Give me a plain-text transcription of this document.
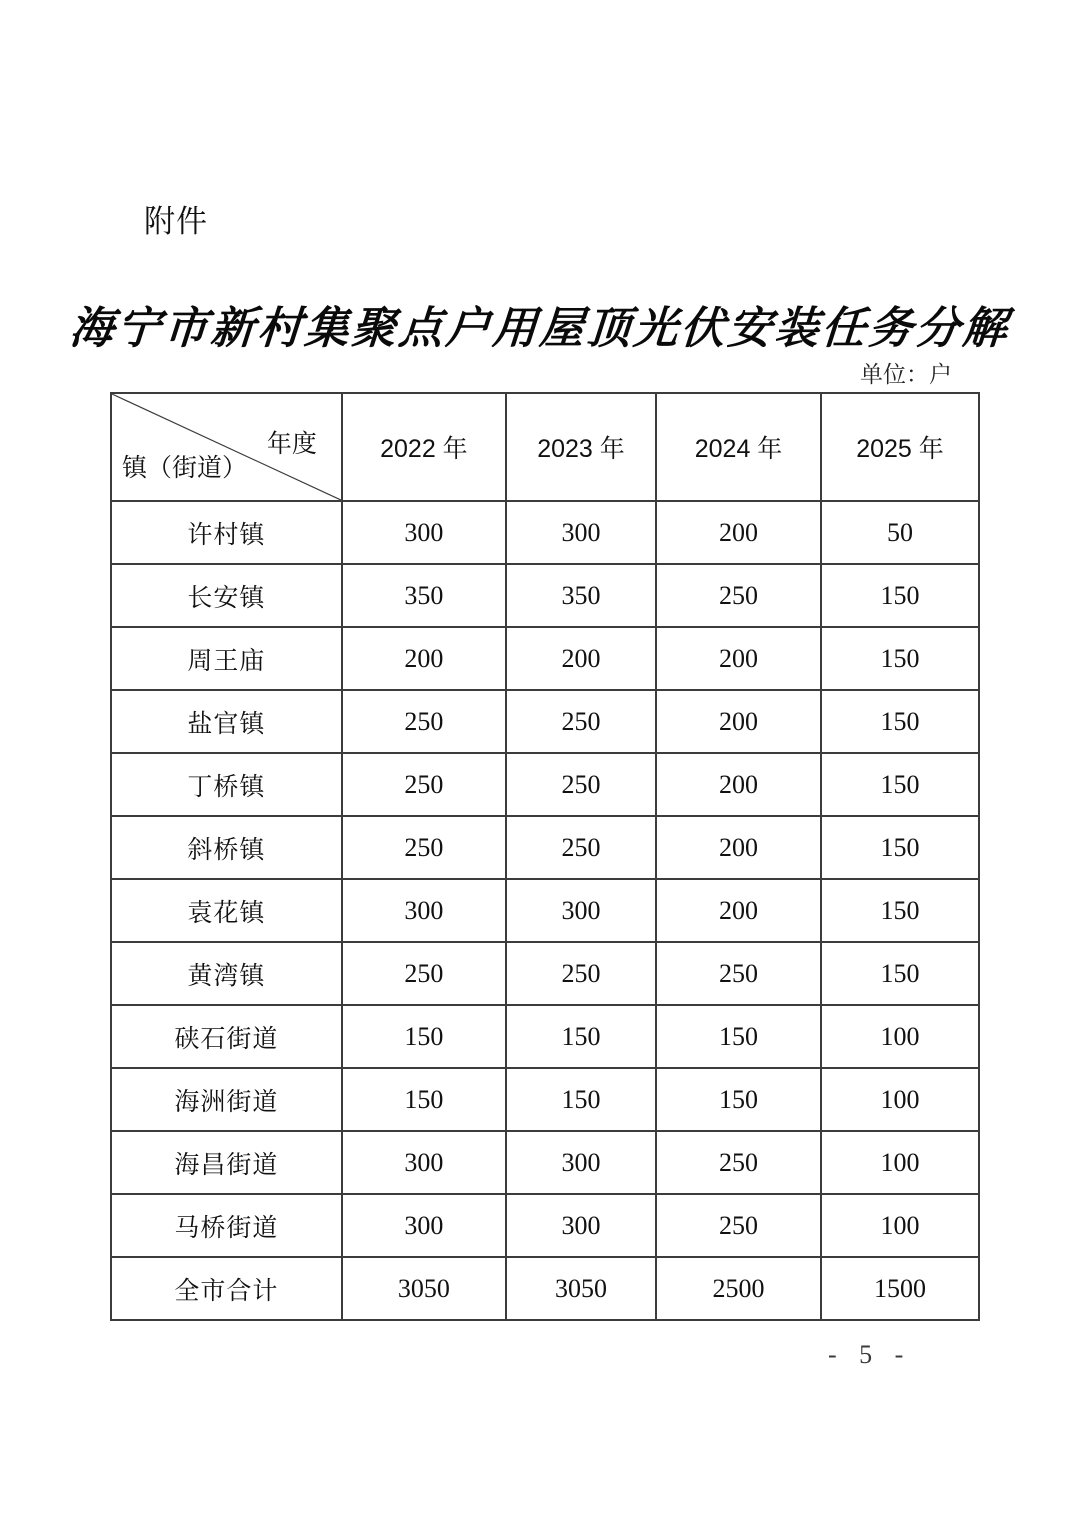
附件
海宁市新村集聚点户用屋顶光伏安装任务分解
单位：户
年度
镇（街道）	2022 年	2023 年	2024 年	2025 年
许村镇	300	300	200	50
长安镇	350	350	250	150
周王庙	200	200	200	150
盐官镇	250	250	200	150
丁桥镇	250	250	200	150
斜桥镇	250	250	200	150
袁花镇	300	300	200	150
黄湾镇	250	250	250	150
硖石街道	150	150	150	100
海洲街道	150	150	150	100
海昌街道	300	300	250	100
马桥街道	300	300	250	100
全市合计	3050	3050	2500	1500
- 5 -
